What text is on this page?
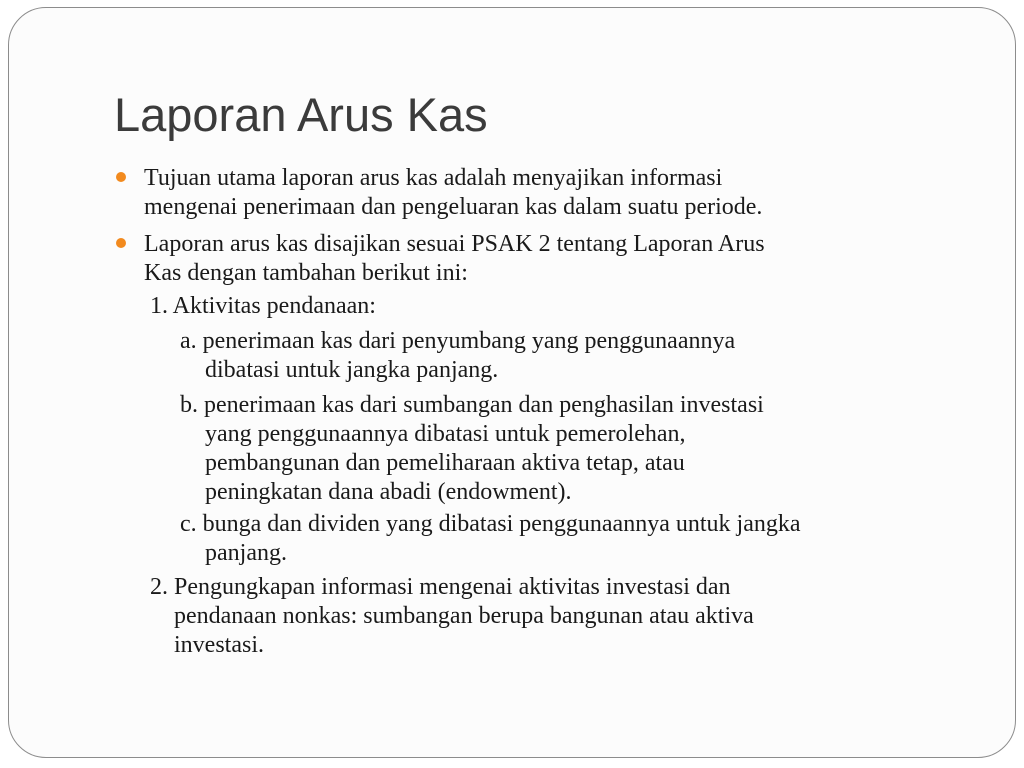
Laporan Arus Kas

Tujuan utama laporan arus kas adalah menyajikan informasi
mengenai penerimaan dan pengeluaran kas dalam suatu periode.

Laporan arus kas disajikan sesuai PSAK 2 tentang Laporan Arus
Kas dengan tambahan berikut ini:

1. Aktivitas pendanaan:

a. penerimaan kas dari penyumbang yang penggunaannya

dibatasi untuk jangka panjang.

b. penerimaan kas dari sumbangan dan penghasilan investasi

yang penggunaannya dibatasi untuk pemerolehan,
pembangunan dan pemeliharaan aktiva tetap, atau
peningkatan dana abadi (endowment).

c. bunga dan dividen yang dibatasi penggunaannya untuk jangka

panjang.

2. Pengungkapan informasi mengenai aktivitas investasi dan

pendanaan nonkas: sumbangan berupa bangunan atau aktiva
investasi.
